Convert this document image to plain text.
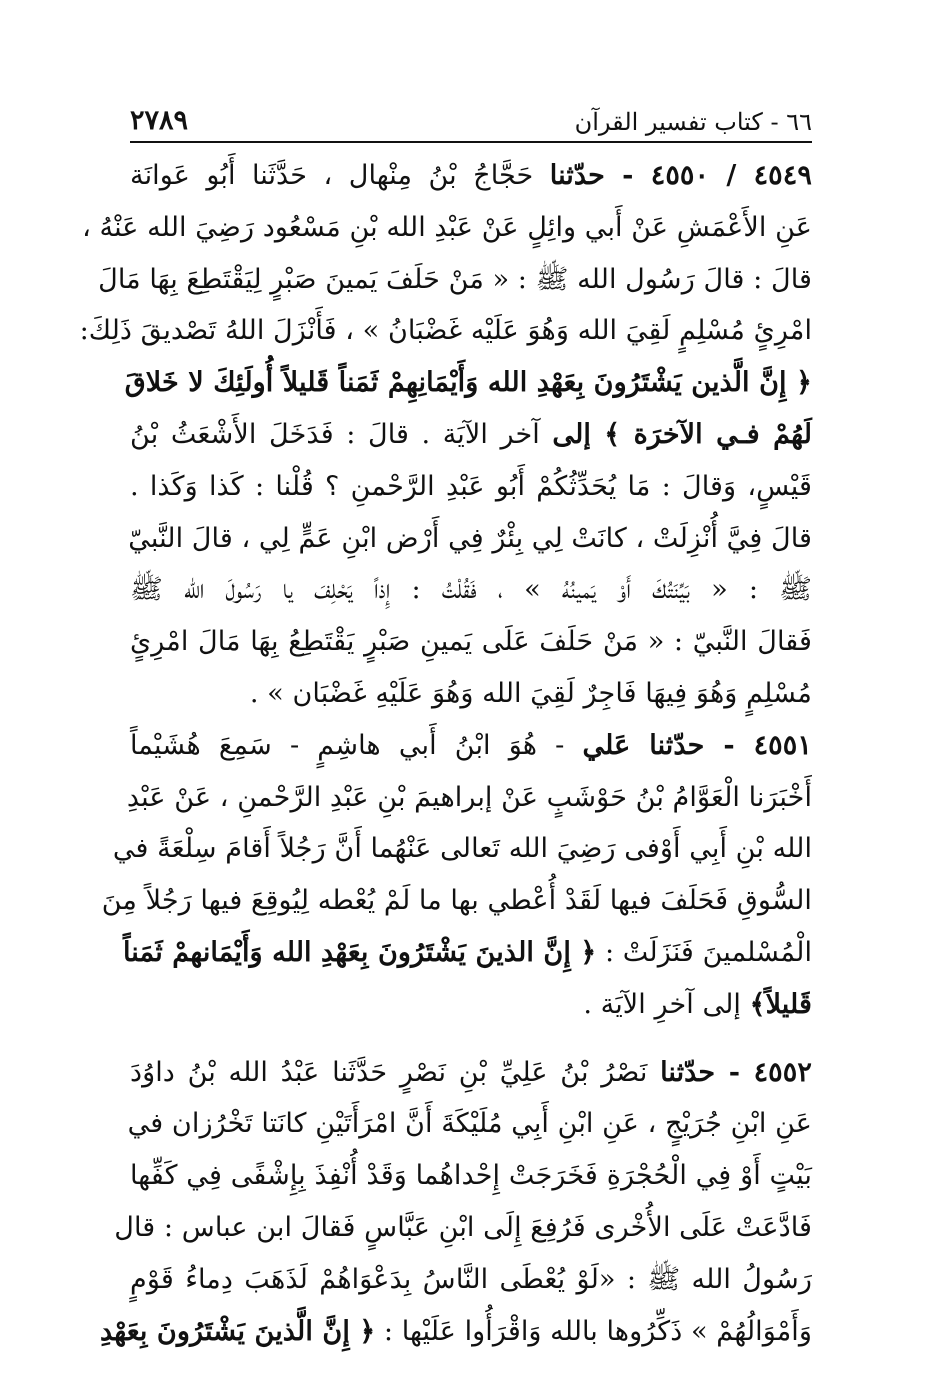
٦٦ - كتاب تفسير القرآن
٢٧٨٩
٤٥٤٩ / ٤٥٥٠ - حدّثنا حَجَّاجُ بْنُ مِنْهال ، حَدَّثَنا أَبُو عَوانَة
عَنِ الأَعْمَشِ عَنْ أَبي وائِلٍ عَنْ عَبْدِ الله بْنِ مَسْعُود رَضِيَ الله عَنْهُ ،
قالَ : قالَ رَسُول الله ﷺ : « مَنْ حَلَفَ يَمينَ صَبْرٍ لِيَقْتَطِعَ بِهَا مَالَ
امْرِئٍ مُسْلِمٍ لَقِيَ الله وَهُوَ عَلَيْه غَضْبَانُ » ، فَأَنْزَلَ اللهُ تَصْديقَ ذَلِكَ:
﴿ إِنَّ الَّذين يَشْتَرُونَ بِعَهْدِ الله وَأَيْمَانِهِمْ ثَمَناً قَليلاً أُولَئِكَ لا خَلاقَ
لَهُمْ فـي الآخرَة ﴾ إلى آخر الآيَة . قالَ : فَدَخَلَ الأَشْعَثُ بْنُ
قَيْسٍ، وَقالَ : مَا يُحَدِّثُكُمْ أَبُو عَبْدِ الرَّحْمنِ ؟ قُلْنا : كَذا وَكَذا .
قالَ فِيَّ أُنْزِلَتْ ، كانَتْ لِي بِئْرٌ فِي أَرْض ابْنِ عَمٍّ لِي ، قالَ النَّبيّ
ﷺ : « بَيِّنَتُكَ أَوْ يَمينُهُ » ، فَقُلْتُ : إِذاً يَحْلِفَ يا رَسُولَ الله ﷺ
فَقالَ النَّبيّ : « مَنْ حَلَفَ عَلَى يَمينِ صَبْرٍ يَقْتَطِعُ بِهَا مَالَ امْرِئٍ
مُسْلِمٍ وَهُوَ فِيهَا فَاجِرٌ لَقِيَ الله وَهُوَ عَلَيْهِ غَضْبَان » .
٤٥٥١ - حدّثنا عَلي - هُوَ ابْنُ أَبي هاشِمٍ - سَمِعَ هُشَيْماً
أَخْبَرَنا الْعَوَّامُ بْنُ حَوْشَبٍ عَنْ إبراهيمَ بْنِ عَبْدِ الرَّحْمنِ ، عَنْ عَبْدِ
الله بْنِ أَبِي أَوْفى رَضِيَ الله تَعالى عَنْهُما أَنَّ رَجُلاً أَقامَ سِلْعَةً في
السُّوقِ فَحَلَفَ فيها لَقَدْ أُعْطي بها ما لَمْ يُعْطه لِيُوقِعَ فيها رَجُلاً مِنَ
الْمُسْلمينَ فَنَزَلَتْ : ﴿ إِنَّ الذينَ يَشْتَرُونَ بِعَهْدِ الله وَأَيْمَانهمْ ثَمَناً
قَليلاً﴾ إلى آخرِ الآيَة .
٤٥٥٢ - حدّثنا نَصْرُ بْنُ عَلِيِّ بْنِ نَصْرٍ حَدَّثَنا عَبْدُ الله بْنُ داوُدَ
عَنِ ابْنِ جُرَيْجٍ ، عَنِ ابْنِ أَبِي مُلَيْكَةَ أَنَّ امْرَأَتَيْنِ كانَتا تَخْرُزان في
بَيْتٍ أَوْ فِي الْحُجْرَةِ فَخَرَجَتْ إِحْداهُما وَقَدْ أُنْفِذَ بِإِشْفًى فِي كَفِّها
فَادَّعَتْ عَلَى الأُخْرى فَرُفِعَ إِلَى ابْنِ عَبَّاسٍ فَقالَ ابن عباس : قال
رَسُولُ الله ﷺ : «لَوْ يُعْطَى النَّاسُ بِدَعْوَاهُمْ لَذَهَبَ دِماءُ قَوْمٍ
وَأَمْوَالُهُمْ » ذَكِّرُوها بالله وَاقْرَأُوا عَلَيْها : ﴿ إِنَّ الَّذينَ يَشْتَرُونَ بِعَهْدِ
